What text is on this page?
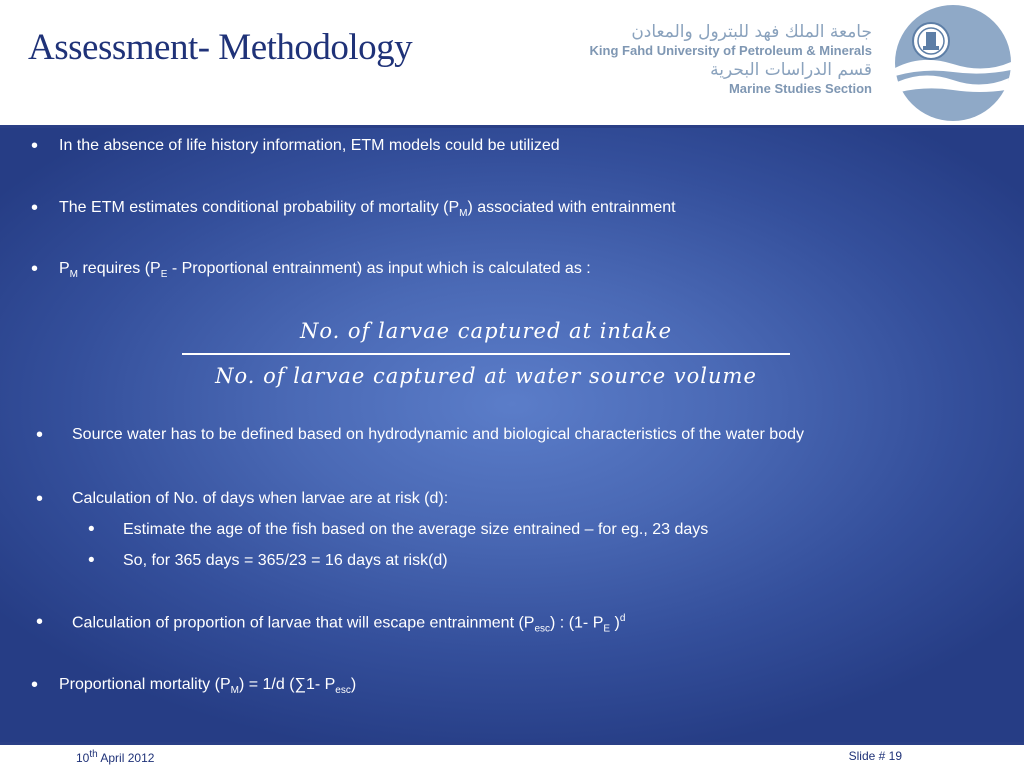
Assessment- Methodology	جامعة الملك فهد للبترول والمعادن
King Fahd University of Petroleum & Minerals
قسم الدراسات البحرية
Marine Studies Section
• In the absence of life history information, ETM models could be utilized
• The ETM estimates conditional probability of mortality $(P_M)$ associated with entrainment
• $P_M$ requires ($P_E$ - Proportional entrainment) as input which is calculated as :
No. of larvae captured at intake
No. of larvae captured at water source volume
• Source water has to be defined based on hydrodynamic and biological characteristics of the water body
• Calculation of No. of days when larvae are at risk (d):
• Estimate the age of the fish based on the average size entrained – for eg., 23 days
• So, for 365 days = 365/23 = 16 days at risk(d)
• Calculation of proportion of larvae that will escape entrainment $(P_{esc})$ : (1- $P_E$ )$^d$
• Proportional mortality $(P_M) = 1/d$ (∑1- $P_{esc}$)
10th April 2012	Slide # 19
